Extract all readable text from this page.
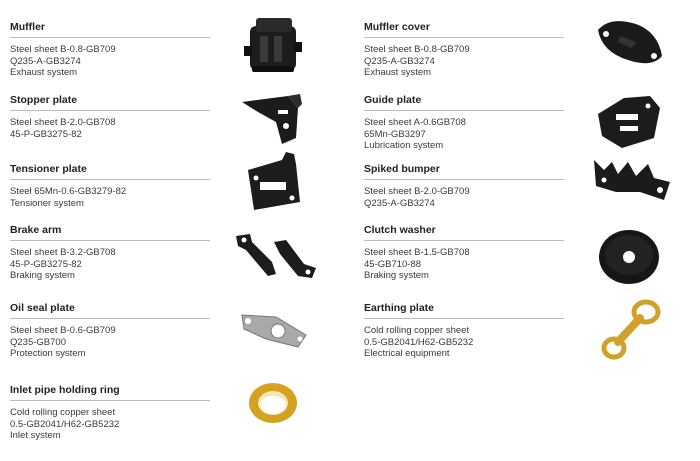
Muffler
Steel sheet B-0.8-GB709
Q235-A-GB3274
Exhaust system
Stopper plate
Steel sheet B-2.0-GB708
45-P-GB3275-82
Tensioner plate
Steel 65Mn-0.6-GB3279-82
Tensioner system
Brake arm
Steel sheet B-3.2-GB708
45-P-GB3275-82
Braking system
Oil seal plate
Steel sheet B-0.6-GB709
Q235-GB700
Protection system
Inlet pipe holding ring
Cold rolling copper sheet
0.5-GB2041/H62-GB5232
Inlet system
Muffler cover
Steel sheet B-0.8-GB709
Q235-A-GB3274
Exhaust system
Guide plate
Steel sheet A-0.6GB708
65Mn-GB3297
Lubrication system
Spiked bumper
Steel sheet B-2.0-GB709
Q235-A-GB3274
Clutch washer
Steel sheet B-1.5-GB708
45-GB710-88
Braking system
Earthing plate
Cold rolling copper sheet
0.5-GB2041/H62-GB5232
Electrical equipment
